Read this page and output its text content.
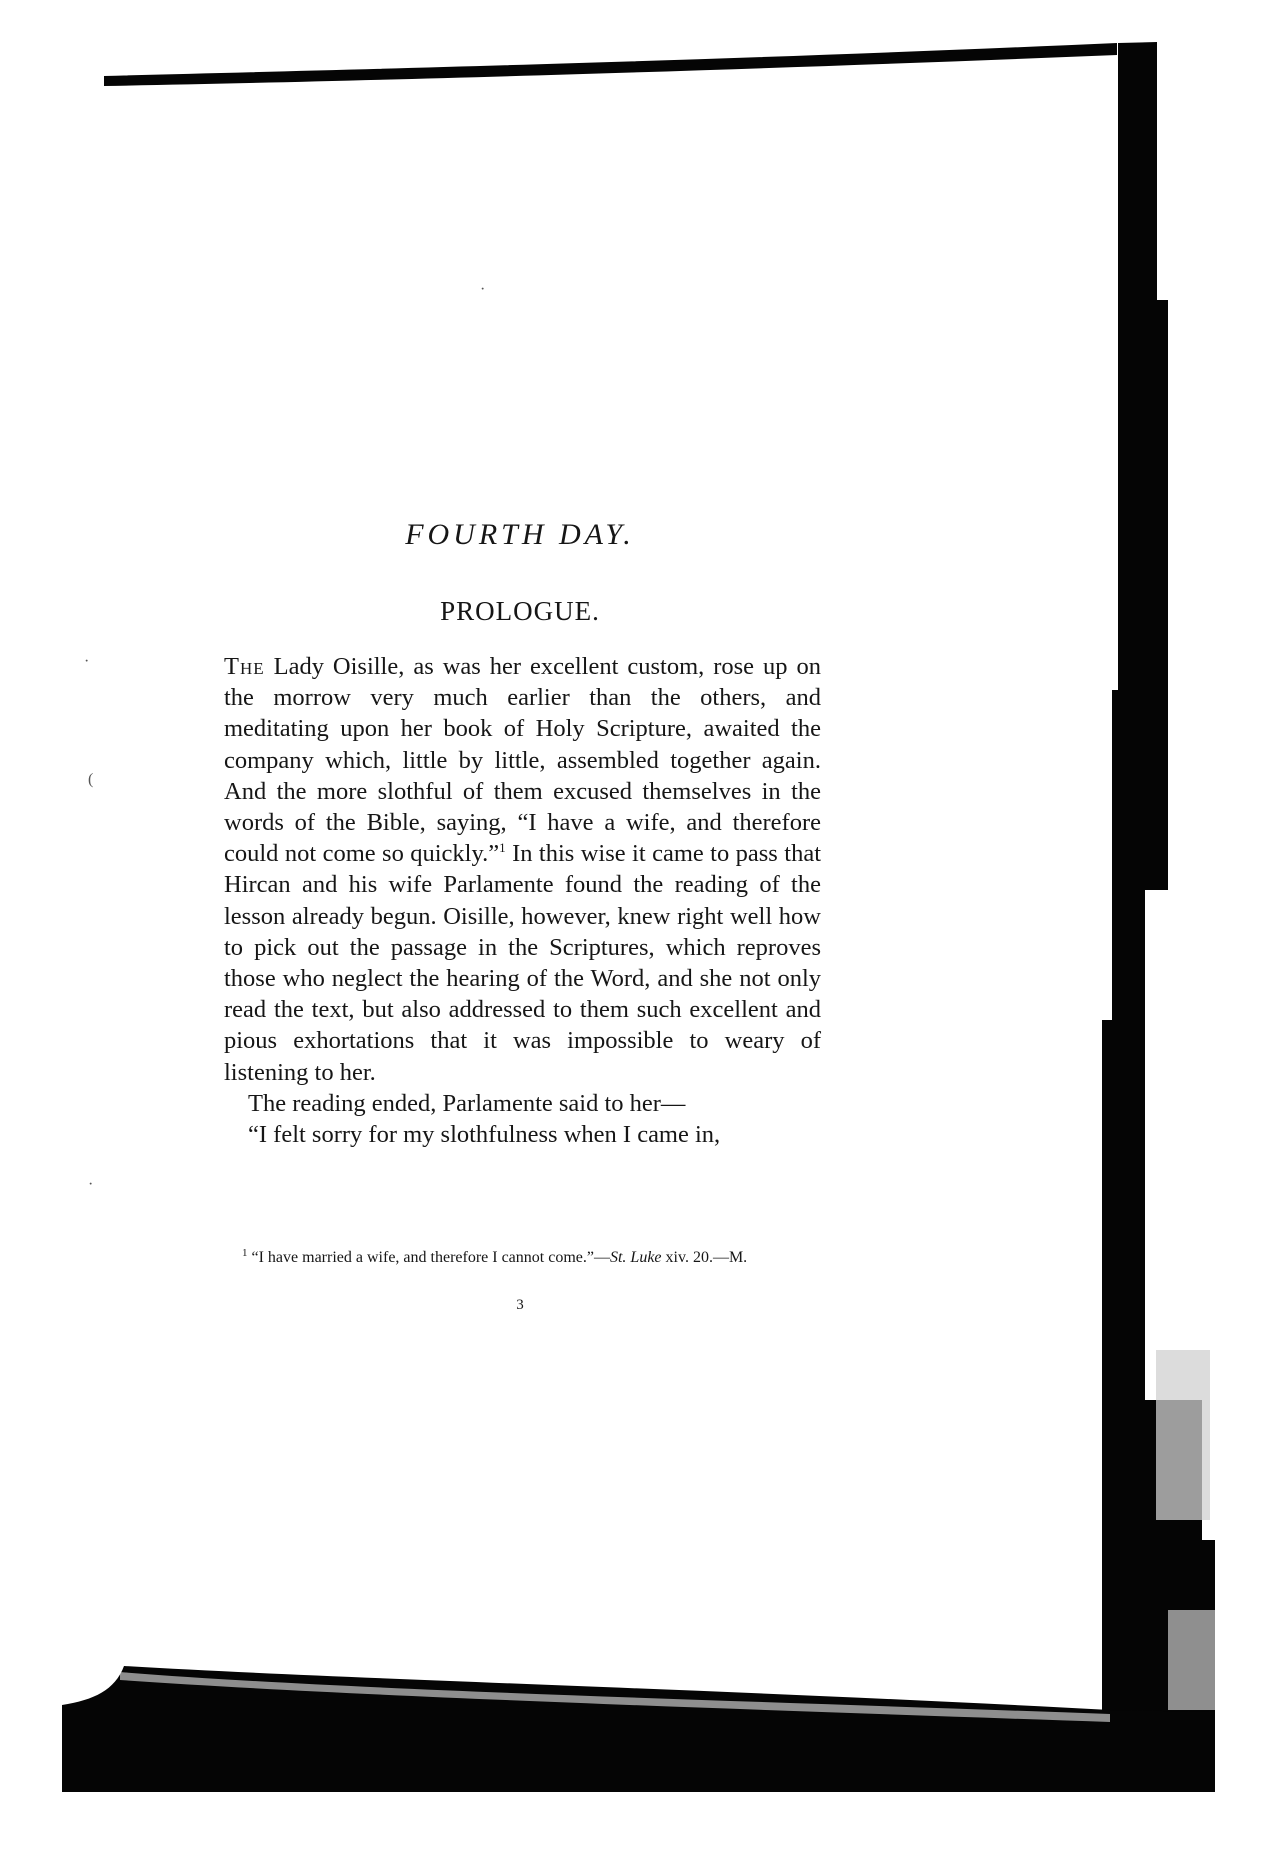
·
·
(
·
FOURTH DAY.
PROLOGUE.

The Lady Oisille, as was her excellent custom, rose up on the morrow very much earlier than the others, and meditating upon her book of Holy Scripture, awaited the company which, little by little, assembled together again. And the more slothful of them excused themselves in the words of the Bible, saying, “I have a wife, and therefore could not come so quickly.”$^1$ In this wise it came to pass that Hircan and his wife Parlamente found the reading of the lesson already begun. Oisille, however, knew right well how to pick out the passage in the Scriptures, which reproves those who neglect the hearing of the Word, and she not only read the text, but also addressed to them such excellent and pious exhortations that it was impossible to weary of listening to her.

The reading ended, Parlamente said to her—

“I felt sorry for my slothfulness when I came in,

$^1$ “I have married a wife, and therefore I cannot come.”—St. Luke xiv. 20.—M.
3
